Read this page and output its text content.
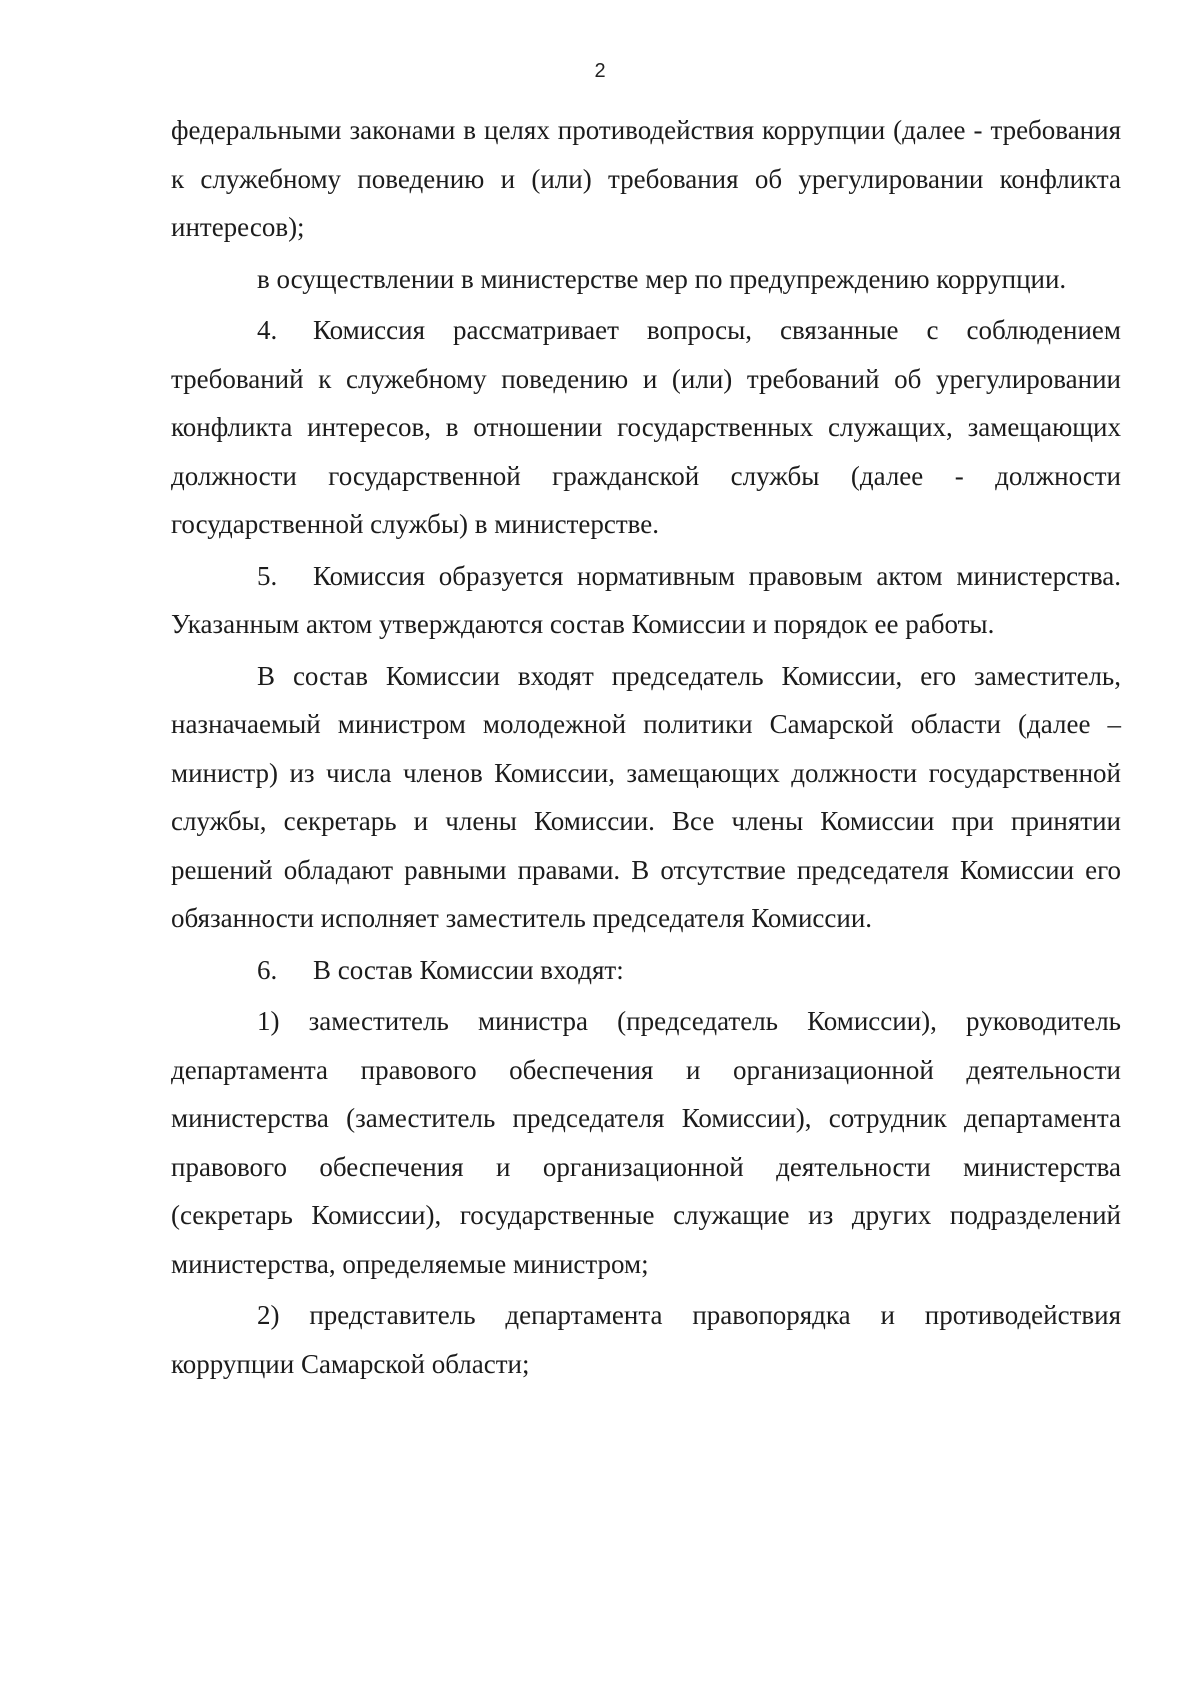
2

федеральными законами в целях противодействия коррупции (далее - требования к служебному поведению и (или) требования об урегулировании конфликта интересов);

в осуществлении в министерстве мер по предупреждению коррупции.

4. Комиссия рассматривает вопросы, связанные с соблюдением требований к служебному поведению и (или) требований об урегулировании конфликта интересов, в отношении государственных служащих, замещающих должности государственной гражданской службы (далее - должности государственной службы) в министерстве.

5. Комиссия образуется нормативным правовым актом министерства. Указанным актом утверждаются состав Комиссии и порядок ее работы.

В состав Комиссии входят председатель Комиссии, его заместитель, назначаемый министром молодежной политики Самарской области (далее – министр) из числа членов Комиссии, замещающих должности государственной службы, секретарь и члены Комиссии. Все члены Комиссии при принятии решений обладают равными правами. В отсутствие председателя Комиссии его обязанности исполняет заместитель председателя Комиссии.

6. В состав Комиссии входят:

1) заместитель министра (председатель Комиссии), руководитель департамента правового обеспечения и организационной деятельности министерства (заместитель председателя Комиссии), сотрудник департамента правового обеспечения и организационной деятельности министерства (секретарь Комиссии), государственные служащие из других подразделений министерства, определяемые министром;

2) представитель департамента правопорядка и противодействия коррупции Самарской области;
